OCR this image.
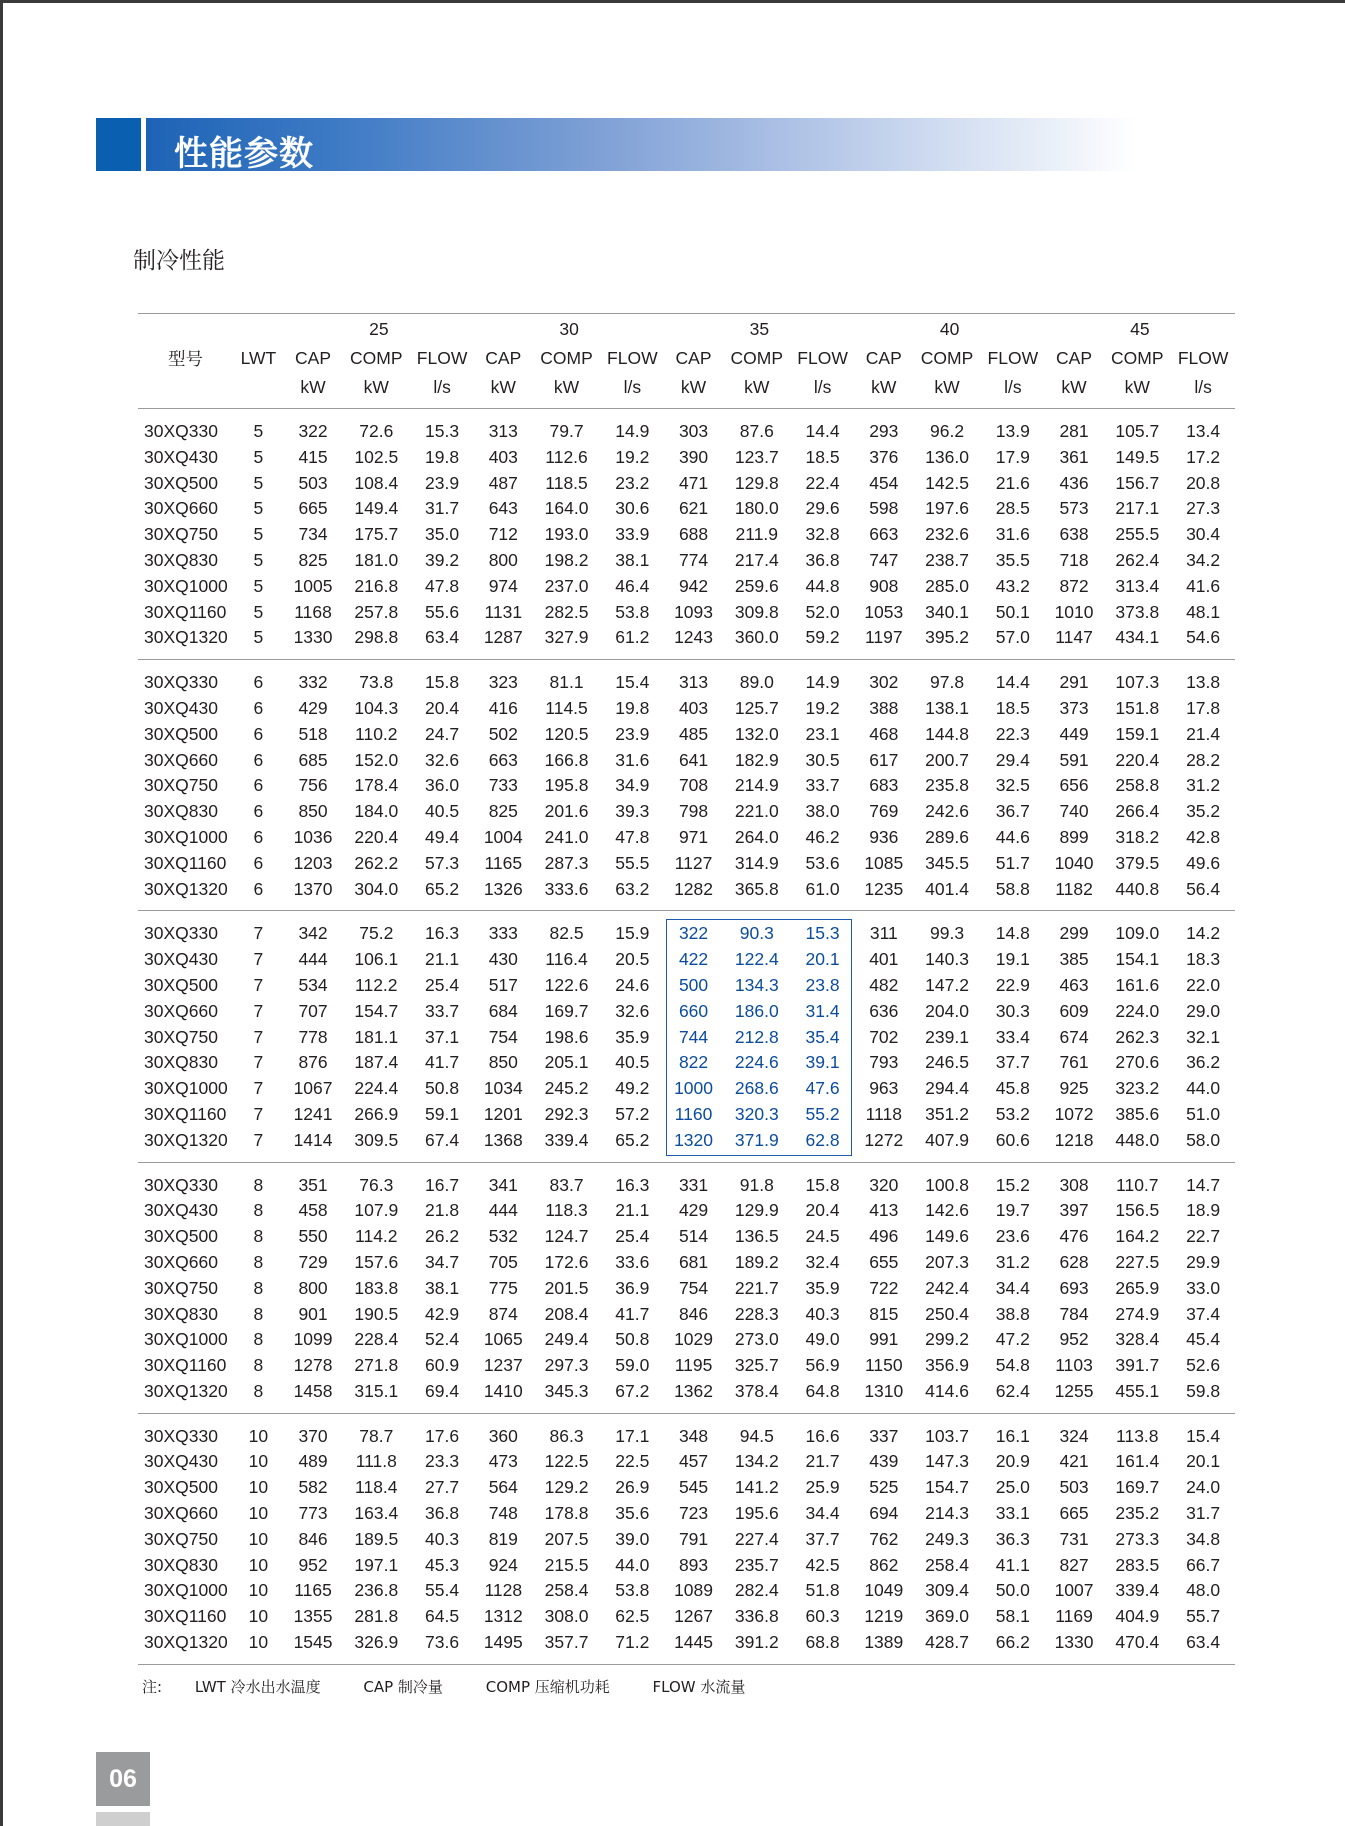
性能参数
制冷性能
		25			30			35			40			45		
型号	LWT	CAP	COMP	FLOW	CAP	COMP	FLOW	CAP	COMP	FLOW	CAP	COMP	FLOW	CAP	COMP	FLOW
		kW	kW	l/s	kW	kW	l/s	kW	kW	l/s	kW	kW	l/s	kW	kW	l/s
30XQ330	5	322	72.6	15.3	313	79.7	14.9	303	87.6	14.4	293	96.2	13.9	281	105.7	13.4
30XQ430	5	415	102.5	19.8	403	112.6	19.2	390	123.7	18.5	376	136.0	17.9	361	149.5	17.2
30XQ500	5	503	108.4	23.9	487	118.5	23.2	471	129.8	22.4	454	142.5	21.6	436	156.7	20.8
30XQ660	5	665	149.4	31.7	643	164.0	30.6	621	180.0	29.6	598	197.6	28.5	573	217.1	27.3
30XQ750	5	734	175.7	35.0	712	193.0	33.9	688	211.9	32.8	663	232.6	31.6	638	255.5	30.4
30XQ830	5	825	181.0	39.2	800	198.2	38.1	774	217.4	36.8	747	238.7	35.5	718	262.4	34.2
30XQ1000	5	1005	216.8	47.8	974	237.0	46.4	942	259.6	44.8	908	285.0	43.2	872	313.4	41.6
30XQ1160	5	1168	257.8	55.6	1131	282.5	53.8	1093	309.8	52.0	1053	340.1	50.1	1010	373.8	48.1
30XQ1320	5	1330	298.8	63.4	1287	327.9	61.2	1243	360.0	59.2	1197	395.2	57.0	1147	434.1	54.6
30XQ330	6	332	73.8	15.8	323	81.1	15.4	313	89.0	14.9	302	97.8	14.4	291	107.3	13.8
30XQ430	6	429	104.3	20.4	416	114.5	19.8	403	125.7	19.2	388	138.1	18.5	373	151.8	17.8
30XQ500	6	518	110.2	24.7	502	120.5	23.9	485	132.0	23.1	468	144.8	22.3	449	159.1	21.4
30XQ660	6	685	152.0	32.6	663	166.8	31.6	641	182.9	30.5	617	200.7	29.4	591	220.4	28.2
30XQ750	6	756	178.4	36.0	733	195.8	34.9	708	214.9	33.7	683	235.8	32.5	656	258.8	31.2
30XQ830	6	850	184.0	40.5	825	201.6	39.3	798	221.0	38.0	769	242.6	36.7	740	266.4	35.2
30XQ1000	6	1036	220.4	49.4	1004	241.0	47.8	971	264.0	46.2	936	289.6	44.6	899	318.2	42.8
30XQ1160	6	1203	262.2	57.3	1165	287.3	55.5	1127	314.9	53.6	1085	345.5	51.7	1040	379.5	49.6
30XQ1320	6	1370	304.0	65.2	1326	333.6	63.2	1282	365.8	61.0	1235	401.4	58.8	1182	440.8	56.4
30XQ330	7	342	75.2	16.3	333	82.5	15.9	322	90.3	15.3	311	99.3	14.8	299	109.0	14.2
30XQ430	7	444	106.1	21.1	430	116.4	20.5	422	122.4	20.1	401	140.3	19.1	385	154.1	18.3
30XQ500	7	534	112.2	25.4	517	122.6	24.6	500	134.3	23.8	482	147.2	22.9	463	161.6	22.0
30XQ660	7	707	154.7	33.7	684	169.7	32.6	660	186.0	31.4	636	204.0	30.3	609	224.0	29.0
30XQ750	7	778	181.1	37.1	754	198.6	35.9	744	212.8	35.4	702	239.1	33.4	674	262.3	32.1
30XQ830	7	876	187.4	41.7	850	205.1	40.5	822	224.6	39.1	793	246.5	37.7	761	270.6	36.2
30XQ1000	7	1067	224.4	50.8	1034	245.2	49.2	1000	268.6	47.6	963	294.4	45.8	925	323.2	44.0
30XQ1160	7	1241	266.9	59.1	1201	292.3	57.2	1160	320.3	55.2	1118	351.2	53.2	1072	385.6	51.0
30XQ1320	7	1414	309.5	67.4	1368	339.4	65.2	1320	371.9	62.8	1272	407.9	60.6	1218	448.0	58.0
30XQ330	8	351	76.3	16.7	341	83.7	16.3	331	91.8	15.8	320	100.8	15.2	308	110.7	14.7
30XQ430	8	458	107.9	21.8	444	118.3	21.1	429	129.9	20.4	413	142.6	19.7	397	156.5	18.9
30XQ500	8	550	114.2	26.2	532	124.7	25.4	514	136.5	24.5	496	149.6	23.6	476	164.2	22.7
30XQ660	8	729	157.6	34.7	705	172.6	33.6	681	189.2	32.4	655	207.3	31.2	628	227.5	29.9
30XQ750	8	800	183.8	38.1	775	201.5	36.9	754	221.7	35.9	722	242.4	34.4	693	265.9	33.0
30XQ830	8	901	190.5	42.9	874	208.4	41.7	846	228.3	40.3	815	250.4	38.8	784	274.9	37.4
30XQ1000	8	1099	228.4	52.4	1065	249.4	50.8	1029	273.0	49.0	991	299.2	47.2	952	328.4	45.4
30XQ1160	8	1278	271.8	60.9	1237	297.3	59.0	1195	325.7	56.9	1150	356.9	54.8	1103	391.7	52.6
30XQ1320	8	1458	315.1	69.4	1410	345.3	67.2	1362	378.4	64.8	1310	414.6	62.4	1255	455.1	59.8
30XQ330	10	370	78.7	17.6	360	86.3	17.1	348	94.5	16.6	337	103.7	16.1	324	113.8	15.4
30XQ430	10	489	111.8	23.3	473	122.5	22.5	457	134.2	21.7	439	147.3	20.9	421	161.4	20.1
30XQ500	10	582	118.4	27.7	564	129.2	26.9	545	141.2	25.9	525	154.7	25.0	503	169.7	24.0
30XQ660	10	773	163.4	36.8	748	178.8	35.6	723	195.6	34.4	694	214.3	33.1	665	235.2	31.7
30XQ750	10	846	189.5	40.3	819	207.5	39.0	791	227.4	37.7	762	249.3	36.3	731	273.3	34.8
30XQ830	10	952	197.1	45.3	924	215.5	44.0	893	235.7	42.5	862	258.4	41.1	827	283.5	66.7
30XQ1000	10	1165	236.8	55.4	1128	258.4	53.8	1089	282.4	51.8	1049	309.4	50.0	1007	339.4	48.0
30XQ1160	10	1355	281.8	64.5	1312	308.0	62.5	1267	336.8	60.3	1219	369.0	58.1	1169	404.9	55.7
30XQ1320	10	1545	326.9	73.6	1495	357.7	71.2	1445	391.2	68.8	1389	428.7	66.2	1330	470.4	63.4
注: LWT 冷水出水温度	CAP 制冷量	COMP 压缩机功耗	FLOW 水流量
06
